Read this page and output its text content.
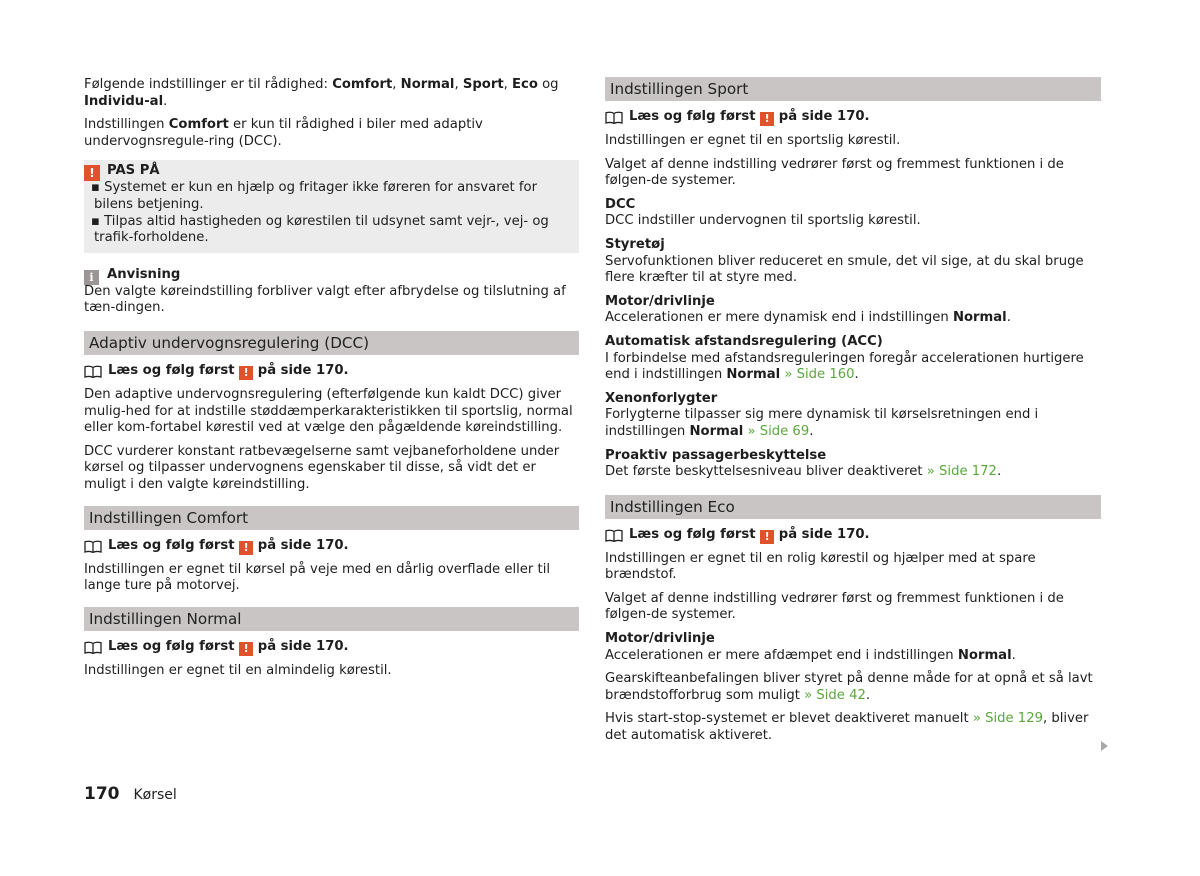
Følgende indstillinger er til rådighed: Comfort, Normal, Sport, Eco og Individu-al.

Indstillingen Comfort er kun til rådighed i biler med adaptiv undervognsregule-ring (DCC).

! PAS PÅ
▪ Systemet er kun en hjælp og fritager ikke føreren for ansvaret for bilens betjening.
▪ Tilpas altid hastigheden og kørestilen til udsynet samt vejr-, vej- og trafik-forholdene.
i Anvisning
Den valgte køreindstilling forbliver valgt efter afbrydelse og tilslutning af tæn-dingen.
Adaptiv undervognsregulering (DCC)
Læs og følg først ! på side 170.

Den adaptive undervognsregulering (efterfølgende kun kaldt DCC) giver mulig-hed for at indstille støddæmperkarakteristikken til sportslig, normal eller kom-fortabel kørestil ved at vælge den pågældende køreindstilling.

DCC vurderer konstant ratbevægelserne samt vejbaneforholdene under kørsel og tilpasser undervognens egenskaber til disse, så vidt det er muligt i den valgte køreindstilling.

Indstillingen Comfort
Læs og følg først ! på side 170.

Indstillingen er egnet til kørsel på veje med en dårlig overflade eller til lange ture på motorvej.

Indstillingen Normal
Læs og følg først ! på side 170.

Indstillingen er egnet til en almindelig kørestil.

Indstillingen Sport
Læs og følg først ! på side 170.

Indstillingen er egnet til en sportslig kørestil.

Valget af denne indstilling vedrører først og fremmest funktionen i de følgen-de systemer.

DCC
DCC indstiller undervognen til sportslig kørestil.
Styretøj
Servofunktionen bliver reduceret en smule, det vil sige, at du skal bruge flere kræfter til at styre med.
Motor/drivlinje
Accelerationen er mere dynamisk end i indstillingen Normal.
Automatisk afstandsregulering (ACC)
I forbindelse med afstandsreguleringen foregår accelerationen hurtigere end i indstillingen Normal » Side 160.
Xenonforlygter
Forlygterne tilpasser sig mere dynamisk til kørselsretningen end i indstillingen Normal » Side 69.
Proaktiv passagerbeskyttelse
Det første beskyttelsesniveau bliver deaktiveret » Side 172.
Indstillingen Eco
Læs og følg først ! på side 170.

Indstillingen er egnet til en rolig kørestil og hjælper med at spare brændstof.

Valget af denne indstilling vedrører først og fremmest funktionen i de følgen-de systemer.

Motor/drivlinje
Accelerationen er mere afdæmpet end i indstillingen Normal.

Gearskifteanbefalingen bliver styret på denne måde for at opnå et så lavt brændstofforbrug som muligt » Side 42.

Hvis start-stop-systemet er blevet deaktiveret manuelt » Side 129, bliver det automatisk aktiveret.

170 Kørsel
